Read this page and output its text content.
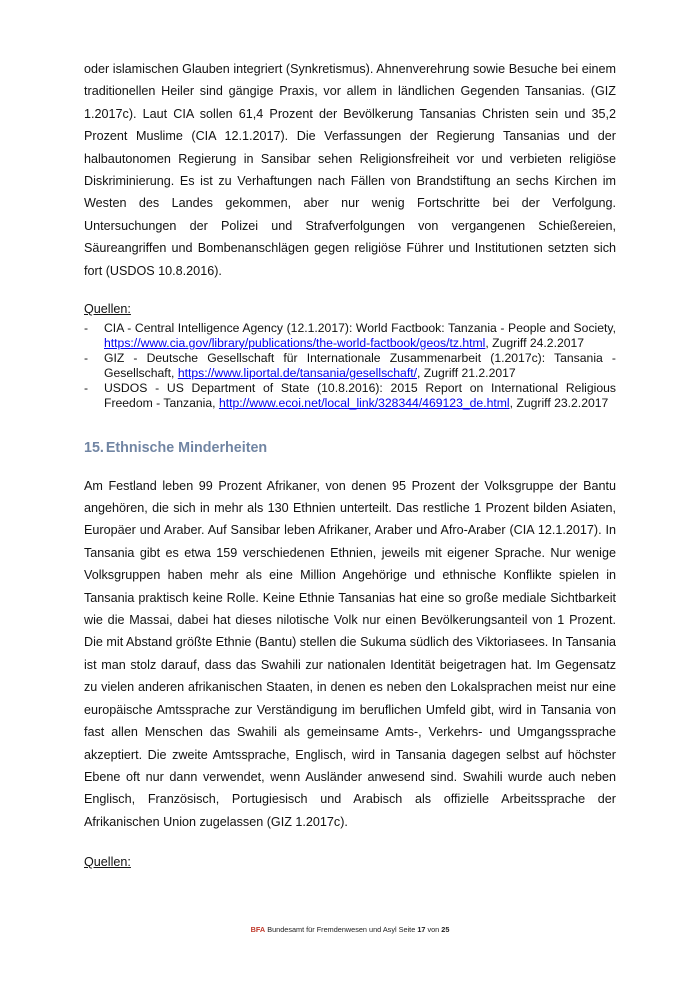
oder islamischen Glauben integriert (Synkretismus). Ahnenverehrung sowie Besuche bei einem traditionellen Heiler sind gängige Praxis, vor allem in ländlichen Gegenden Tansanias. (GIZ 1.2017c). Laut CIA sollen 61,4 Prozent der Bevölkerung Tansanias Christen sein und 35,2 Prozent Muslime (CIA 12.1.2017). Die Verfassungen der Regierung Tansanias und der halbautonomen Regierung in Sansibar sehen Religionsfreiheit vor und verbieten religiöse Diskriminierung. Es ist zu Verhaftungen nach Fällen von Brandstiftung an sechs Kirchen im Westen des Landes gekommen, aber nur wenig Fortschritte bei der Verfolgung. Untersuchungen der Polizei und Strafverfolgungen von vergangenen Schießereien, Säureangriffen und Bombenanschlägen gegen religiöse Führer und Institutionen setzten sich fort (USDOS 10.8.2016).

Quellen:
- CIA - Central Intelligence Agency (12.1.2017): World Factbook: Tanzania - People and Society, https://www.cia.gov/library/publications/the-world-factbook/geos/tz.html, Zugriff 24.2.2017
- GIZ - Deutsche Gesellschaft für Internationale Zusammenarbeit (1.2017c): Tansania - Gesellschaft, https://www.liportal.de/tansania/gesellschaft/, Zugriff 21.2.2017
- USDOS - US Department of State (10.8.2016): 2015 Report on International Religious Freedom - Tanzania, http://www.ecoi.net/local_link/328344/469123_de.html, Zugriff 23.2.2017
15. Ethnische Minderheiten

Am Festland leben 99 Prozent Afrikaner, von denen 95 Prozent der Volksgruppe der Bantu angehören, die sich in mehr als 130 Ethnien unterteilt. Das restliche 1 Prozent bilden Asiaten, Europäer und Araber. Auf Sansibar leben Afrikaner, Araber und Afro-Araber (CIA 12.1.2017). In Tansania gibt es etwa 159 verschiedenen Ethnien, jeweils mit eigener Sprache. Nur wenige Volksgruppen haben mehr als eine Million Angehörige und ethnische Konflikte spielen in Tansania praktisch keine Rolle. Keine Ethnie Tansanias hat eine so große mediale Sichtbarkeit wie die Massai, dabei hat dieses nilotische Volk nur einen Bevölkerungsanteil von 1 Prozent. Die mit Abstand größte Ethnie (Bantu) stellen die Sukuma südlich des Viktoriasees. In Tansania ist man stolz darauf, dass das Swahili zur nationalen Identität beigetragen hat. Im Gegensatz zu vielen anderen afrikanischen Staaten, in denen es neben den Lokalsprachen meist nur eine europäische Amtssprache zur Verständigung im beruflichen Umfeld gibt, wird in Tansania von fast allen Menschen das Swahili als gemeinsame Amts-, Verkehrs- und Umgangssprache akzeptiert. Die zweite Amtssprache, Englisch, wird in Tansania dagegen selbst auf höchster Ebene oft nur dann verwendet, wenn Ausländer anwesend sind. Swahili wurde auch neben Englisch, Französisch, Portugiesisch und Arabisch als offizielle Arbeitssprache der Afrikanischen Union zugelassen (GIZ 1.2017c).

Quellen:
BFA Bundesamt für Fremdenwesen und Asyl Seite 17 von 25
